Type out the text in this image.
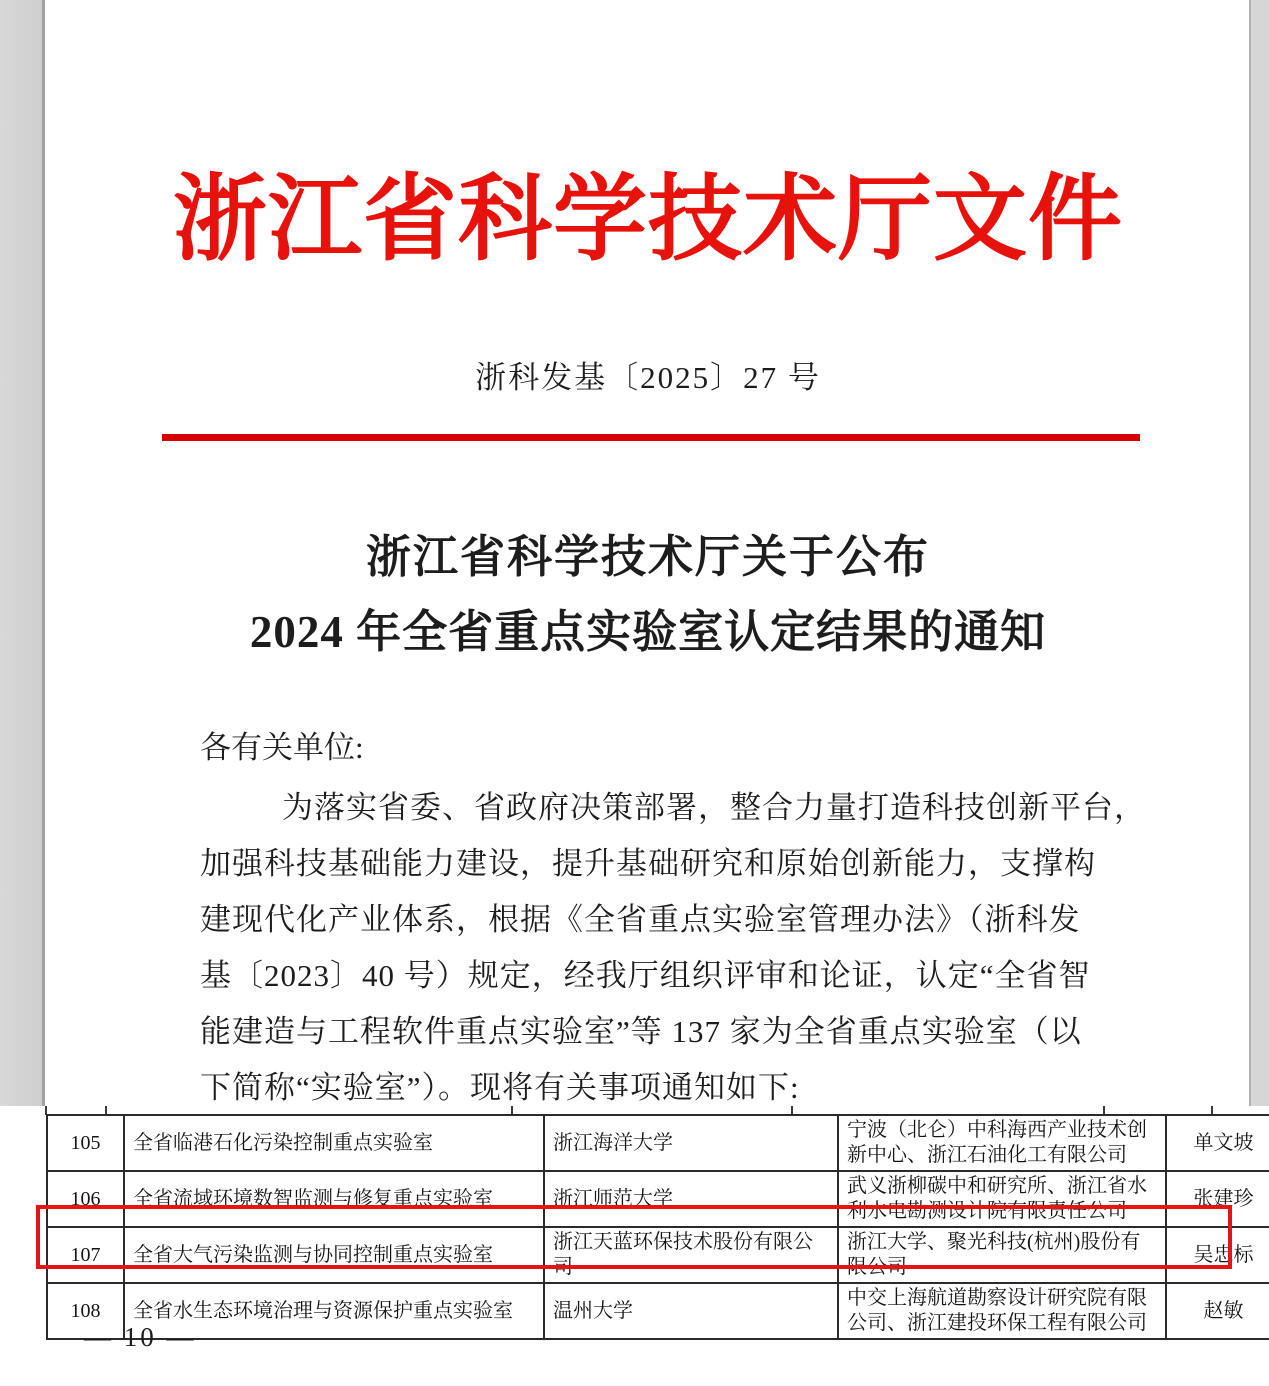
浙江省科学技术厅文件
浙科发基〔2025〕27 号
浙江省科学技术厅关于公布
2024 年全省重点实验室认定结果的通知
各有关单位:
为落实省委、省政府决策部署，整合力量打造科技创新平台，
加强科技基础能力建设，提升基础研究和原始创新能力，支撑构
建现代化产业体系，根据《全省重点实验室管理办法》（浙科发
基〔2023〕40 号）规定，经我厅组织评审和论证，认定“全省智
能建造与工程软件重点实验室”等 137 家为全省重点实验室（以
下简称“实验室”）。现将有关事项通知如下:
105	全省临港石化污染控制重点实验室	浙江海洋大学	宁波（北仑）中科海西产业技术创新中心、浙江石油化工有限公司	单文坡
106	全省流域环境数智监测与修复重点实验室	浙江师范大学	武义浙柳碳中和研究所、浙江省水利水电勘测设计院有限责任公司	张建珍
107	全省大气污染监测与协同控制重点实验室	浙江天蓝环保技术股份有限公司	浙江大学、聚光科技(杭州)股份有限公司	吴忠标
108	全省水生态环境治理与资源保护重点实验室	温州大学	中交上海航道勘察设计研究院有限公司、浙江建投环保工程有限公司	赵敏
— 10 —
